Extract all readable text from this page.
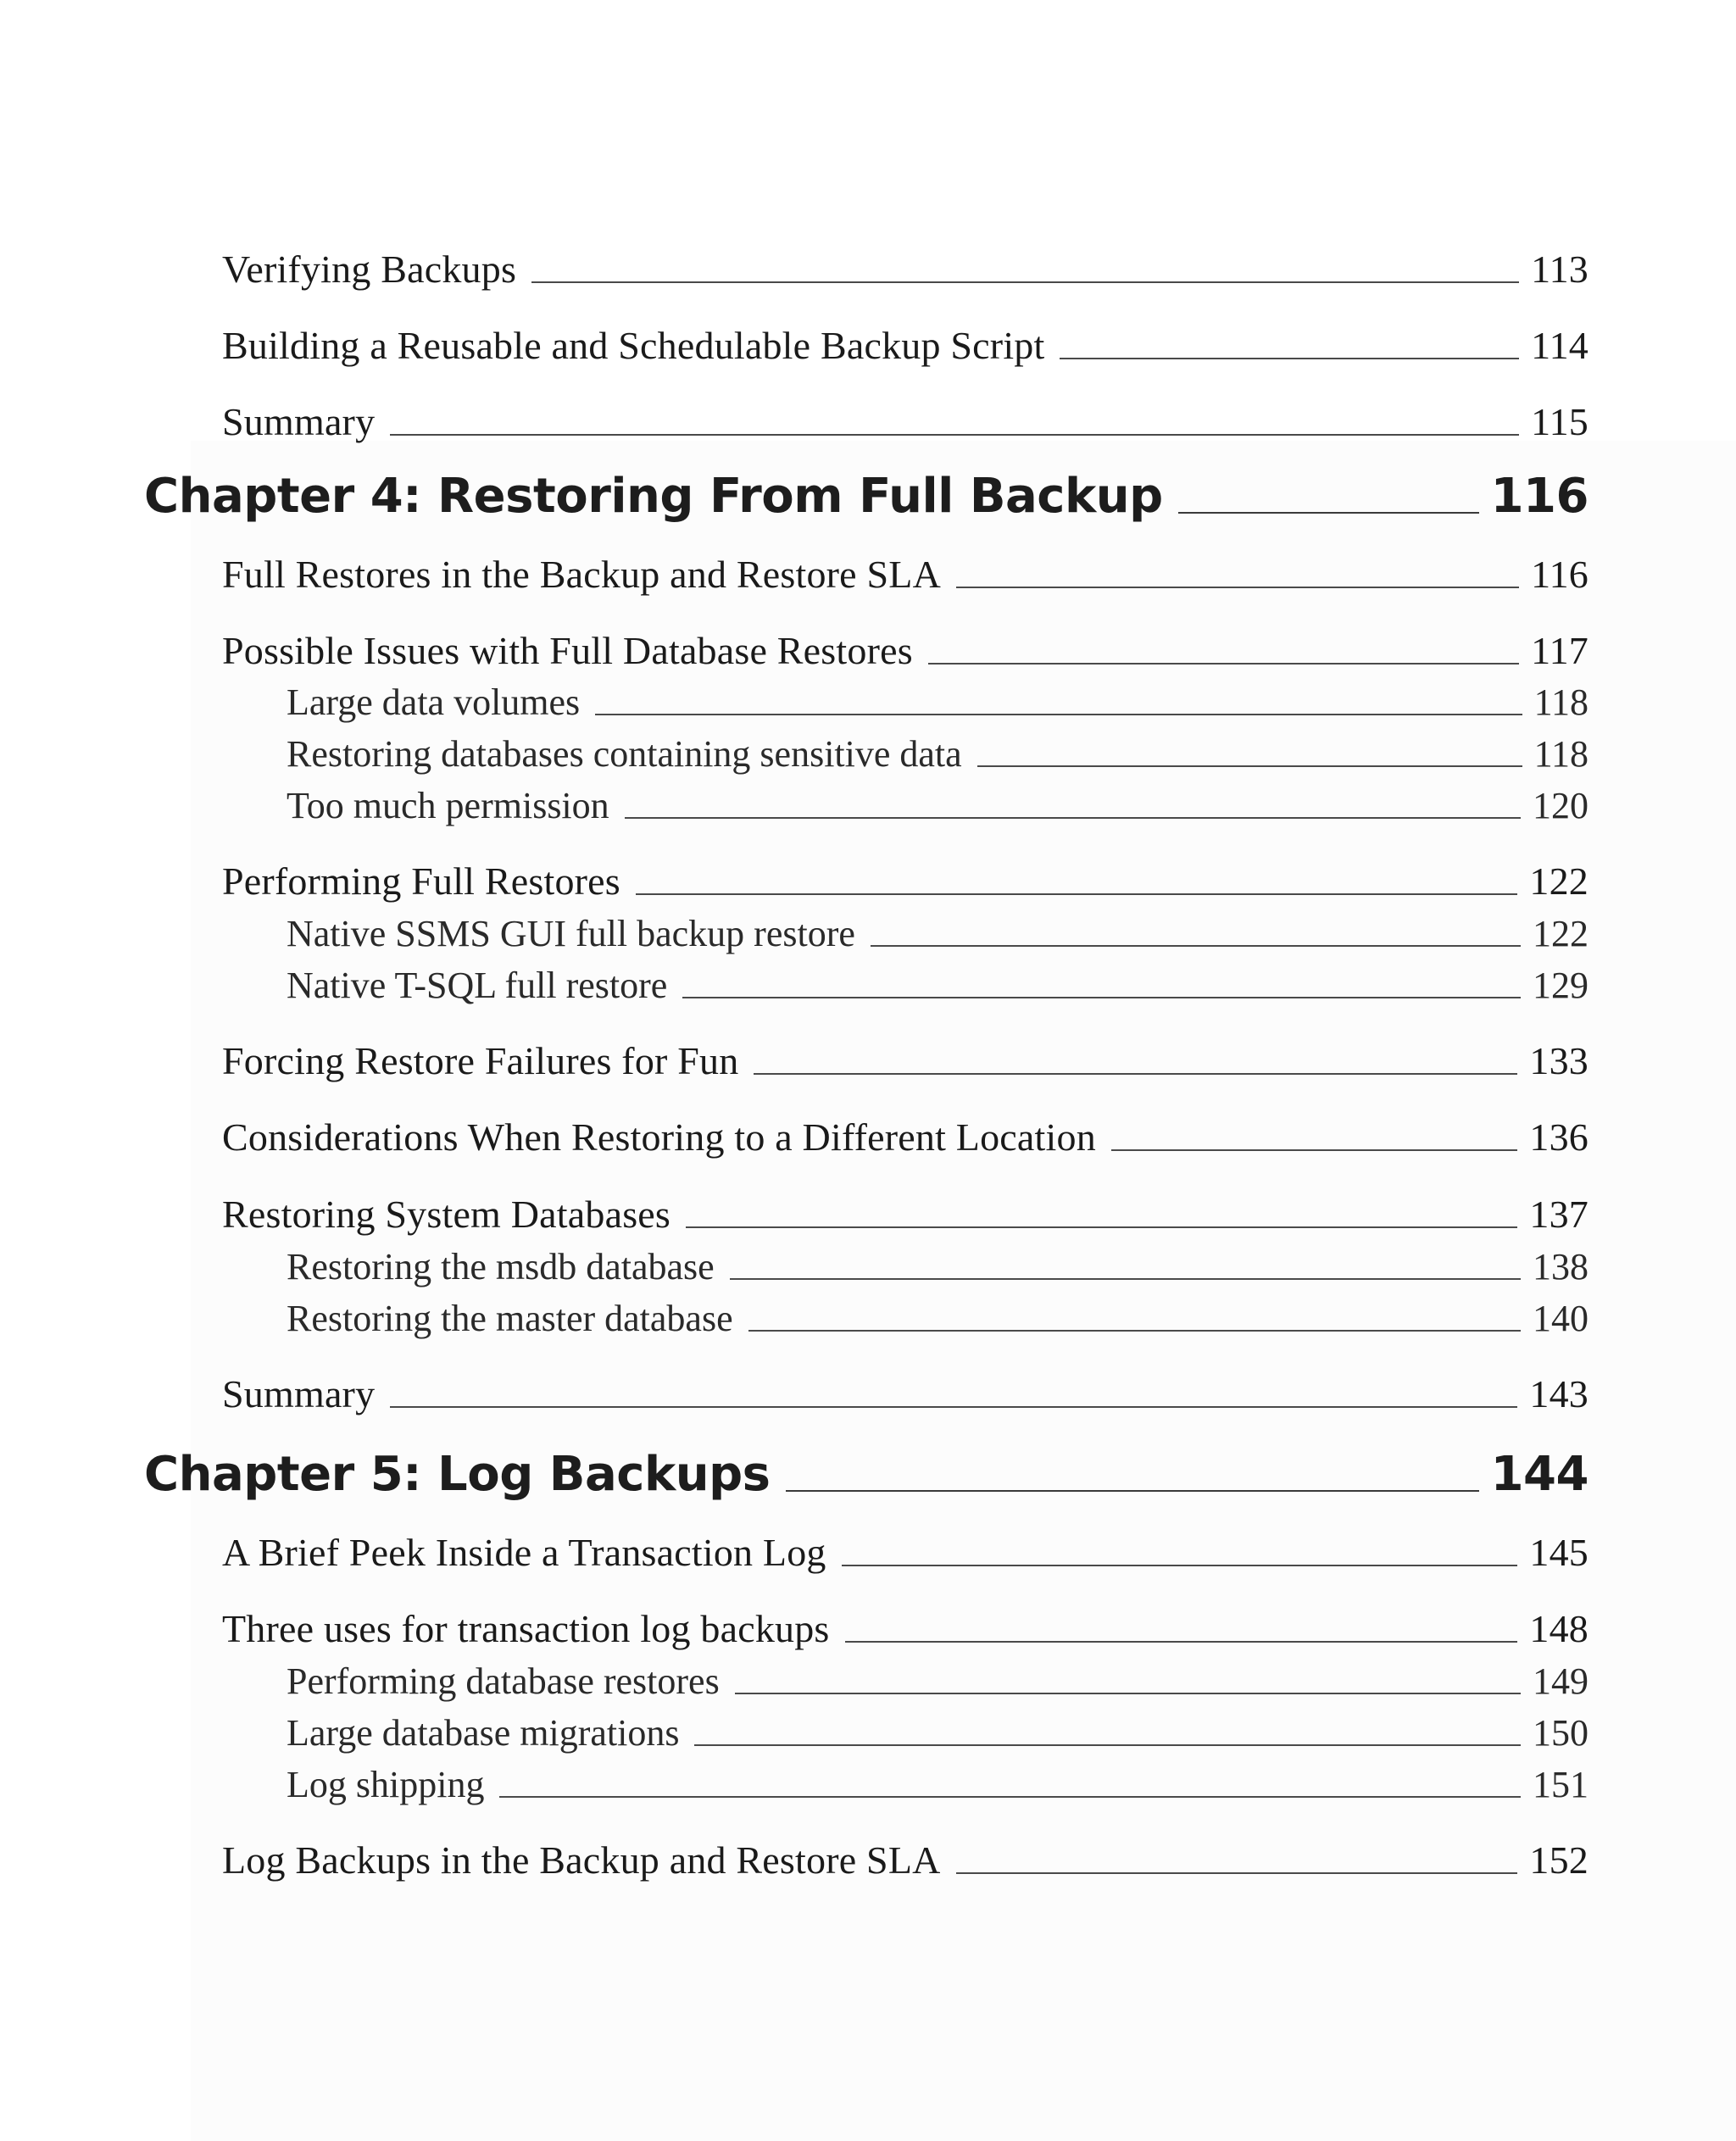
Verifying Backups	113
Building a Reusable and Schedulable Backup Script	114
Summary	115
Chapter 4: Restoring From Full Backup	116
Full Restores in the Backup and Restore SLA	116
Possible Issues with Full Database Restores	117
Large data volumes	118
Restoring databases containing sensitive data	118
Too much permission	120
Performing Full Restores	122
Native SSMS GUI full backup restore	122
Native T-SQL full restore	129
Forcing Restore Failures for Fun	133
Considerations When Restoring to a Different Location	136
Restoring System Databases	137
Restoring the msdb database	138
Restoring the master database	140
Summary	143
Chapter 5: Log Backups	144
A Brief Peek Inside a Transaction Log	145
Three uses for transaction log backups	148
Performing database restores	149
Large database migrations	150
Log shipping	151
Log Backups in the Backup and Restore SLA	152
